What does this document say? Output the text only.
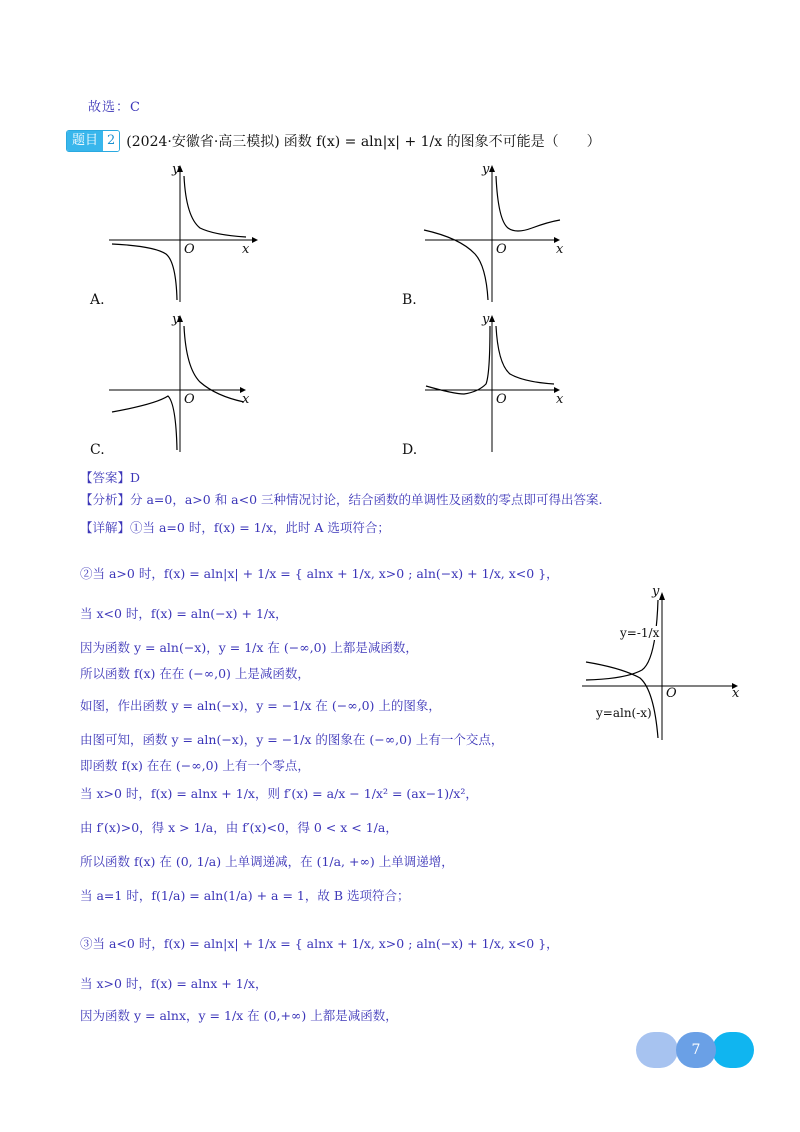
故选：C
题目 2 (2024·安徽省·高三模拟) 函数 f(x) = aln|x| + 1/x 的图象不可能是（　　）
y
x
O
A.
y
x
O
B.
y
x
O
C.
y
x
O
D.
【答案】D
【分析】分 a=0，a>0 和 a<0 三种情况讨论，结合函数的单调性及函数的零点即可得出答案.
【详解】①当 a=0 时，f(x) = 1/x，此时 A 选项符合；
②当 a>0 时，f(x) = aln|x| + 1/x = { alnx + 1/x, x>0 ; aln(−x) + 1/x, x<0 }，
当 x<0 时，f(x) = aln(−x) + 1/x，
因为函数 y = aln(−x)，y = 1/x 在 (−∞,0) 上都是减函数，
所以函数 f(x) 在在 (−∞,0) 上是减函数，
如图，作出函数 y = aln(−x)，y = −1/x 在 (−∞,0) 上的图象，
由图可知，函数 y = aln(−x)，y = −1/x 的图象在 (−∞,0) 上有一个交点，
即函数 f(x) 在在 (−∞,0) 上有一个零点，
当 x>0 时，f(x) = alnx + 1/x，则 f′(x) = a/x − 1/x² = (ax−1)/x²，
由 f′(x)>0，得 x > 1/a，由 f′(x)<0，得 0 < x < 1/a，
所以函数 f(x) 在 (0, 1/a) 上单调递减，在 (1/a, +∞) 上单调递增，
当 a=1 时，f(1/a) = aln(1/a) + a = 1，故 B 选项符合；
③当 a<0 时，f(x) = aln|x| + 1/x = { alnx + 1/x, x>0 ; aln(−x) + 1/x, x<0 }，
当 x>0 时，f(x) = alnx + 1/x，
因为函数 y = alnx，y = 1/x 在 (0,+∞) 上都是减函数，
y
x
O
y=-1/x
y=aln(-x)
7
